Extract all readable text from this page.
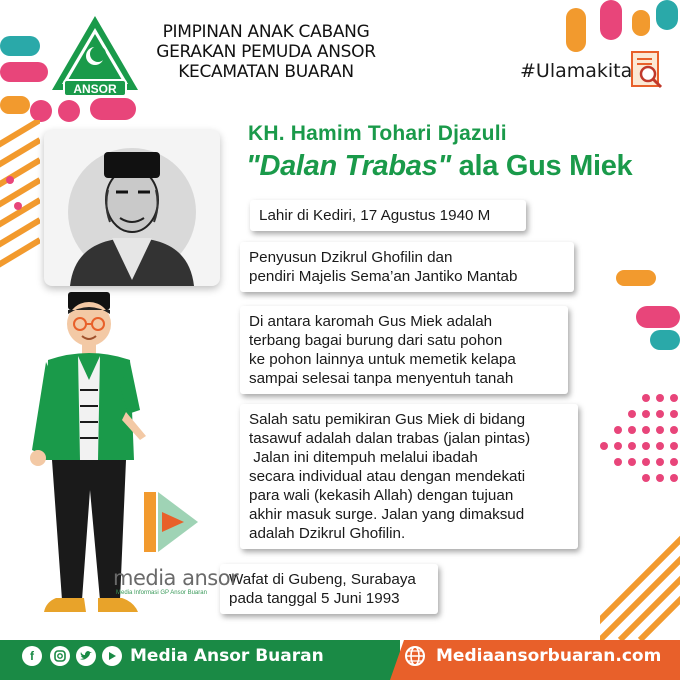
ANSOR
PIMPINAN ANAK CABANG
GERAKAN PEMUDA ANSOR
KECAMATAN BUARAN	#Ulamakita
KH. Hamim Tohari Djazuli
"Dalan Trabas" ala Gus Miek
Lahir di Kediri, 17 Agustus 1940 M
Penyusun Dzikrul Ghofilin dan
pendiri Majelis Sema’an Jantiko Mantab
Di antara karomah Gus Miek adalah
terbang bagai burung dari satu pohon
ke pohon lainnya untuk memetik kelapa
sampai selesai tanpa menyentuh tanah
Salah satu pemikiran Gus Miek di bidang
tasawuf adalah dalan trabas (jalan pintas)
Jalan ini ditempuh melalui ibadah
secara individual atau dengan mendekati
para wali (kekasih Allah) dengan tujuan
akhir masuk surge. Jalan yang dimaksud
adalah Dzikrul Ghofilin.
Wafat di Gubeng, Surabaya
pada tanggal 5 Juni 1993
media ansor
Media Informasi GP Ansor Buaran
f	Media Ansor Buaran	Mediaansorbuaran.com
